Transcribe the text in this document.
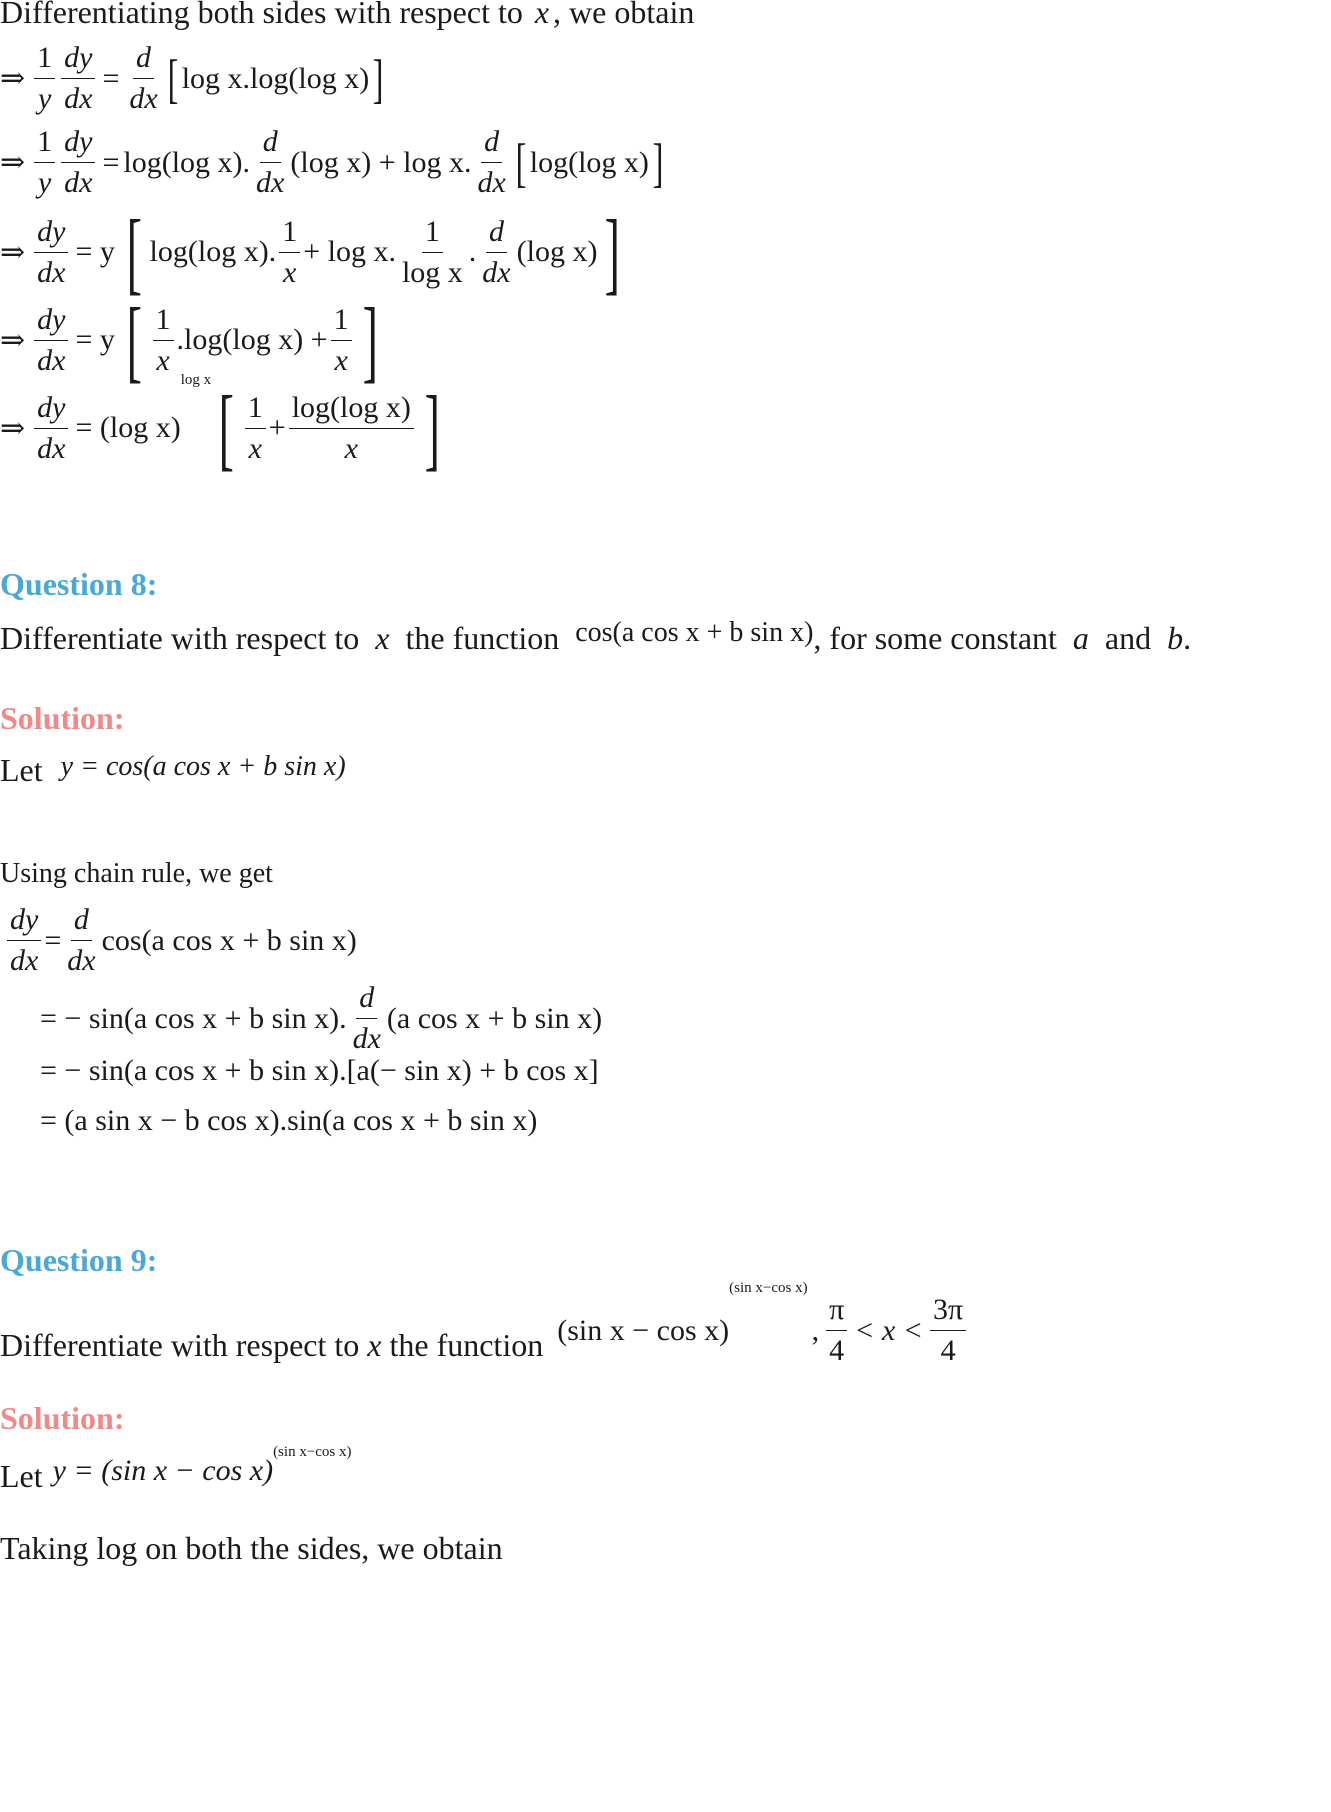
Differentiating both sides with respect to x , we obtain
⇒ $\frac{1}{y} \frac{dy}{dx} = \frac{d}{dx}$ [ log x.log(log x) ]
⇒ $\frac{1}{y} \frac{dy}{dx} = \log(\log$ x). $\frac{d}{dx} (\log$ x) + log x. $\frac{d}{dx}$ [ log(log x) ]
⇒ $\frac{dy}{dx} = y$ [ log(log x). $\frac{1}{x} + \log x$. $\frac{1}{\text{log x}}$ . $\frac{d}{dx} (\log$ x) ]
⇒ $\frac{dy}{dx} = y$ [ $\frac{1}{x} .\log(\log$ $x) + \frac{1}{x}$ ]
⇒ $\frac{dy}{dx} = (\log$ x)
log x [ $\frac{1}{x} + \frac{\text{log(log x)}}{x}$ ]
Question 8:
Differentiate with respect to x the function cos(a cos x + b sin x), for some constant a and b.
Solution:
Let y = cos(a cos x + b sin x)
Using chain rule, we get
$\frac{dy}{dx} = \frac{d}{dx} \cos(a$ cos x + b sin x)
= − sin(a cos x + b sin x). $\frac{d}{dx} (a$ cos x + b sin x)
= − sin(a cos x + b sin x).[a(− sin x) + b cos x]
= (a sin x − b cos x).sin(a cos x + b sin x)
Question 9:
Differentiate with respect to x the function (sin x − cos x)
(sin x−cos x)
, $\frac{\pi}{4} < x < \frac{3\pi}{4}$
Solution:
Let y = (sin x − cos x)
(sin x−cos x)
Taking log on both the sides, we obtain
